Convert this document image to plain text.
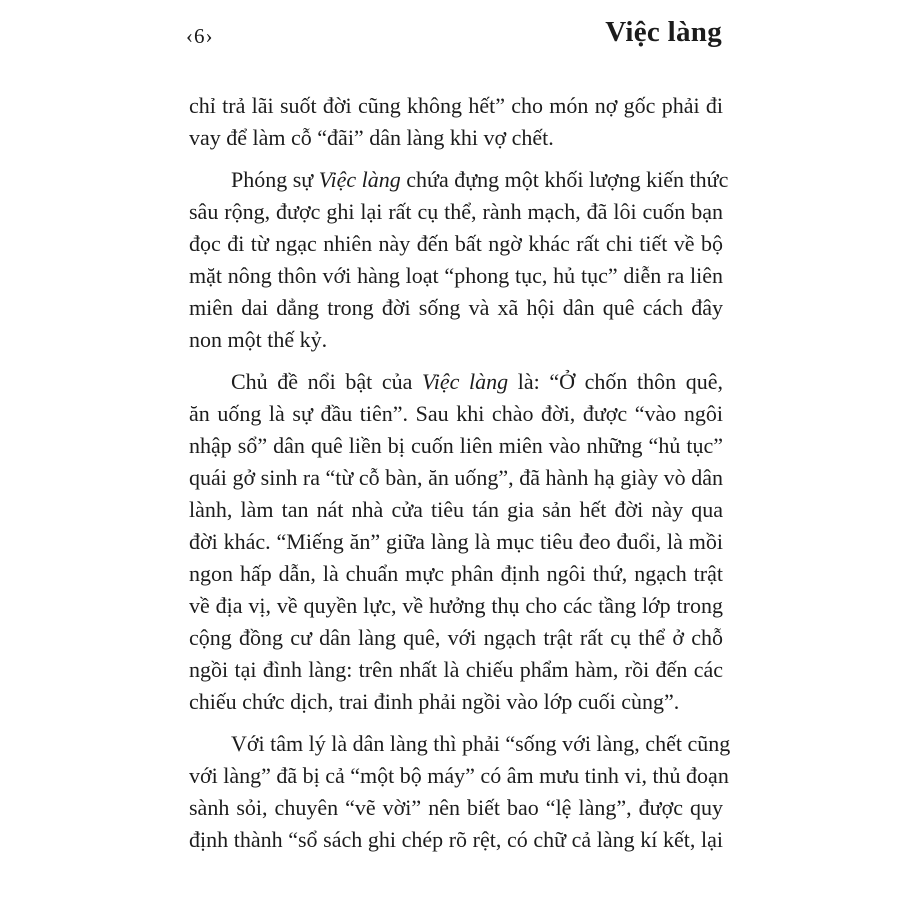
‹6›	Việc làng

chỉ trả lãi suốt đời cũng không hết” cho món nợ gốc phải đi
vay để làm cỗ “đãi” dân làng khi vợ chết.

Phóng sự Việc làng chứa đựng một khối lượng kiến thức
sâu rộng, được ghi lại rất cụ thể, rành mạch, đã lôi cuốn bạn
đọc đi từ ngạc nhiên này đến bất ngờ khác rất chi tiết về bộ
mặt nông thôn với hàng loạt “phong tục, hủ tục” diễn ra liên
miên dai dẳng trong đời sống và xã hội dân quê cách đây
non một thế kỷ.

Chủ đề nổi bật của Việc làng là: “Ở chốn thôn quê,
ăn uống là sự đầu tiên”. Sau khi chào đời, được “vào ngôi
nhập sổ” dân quê liền bị cuốn liên miên vào những “hủ tục”
quái gở sinh ra “từ cỗ bàn, ăn uống”, đã hành hạ giày vò dân
lành, làm tan nát nhà cửa tiêu tán gia sản hết đời này qua
đời khác. “Miếng ăn” giữa làng là mục tiêu đeo đuổi, là mồi
ngon hấp dẫn, là chuẩn mực phân định ngôi thứ, ngạch trật
về địa vị, về quyền lực, về hưởng thụ cho các tầng lớp trong
cộng đồng cư dân làng quê, với ngạch trật rất cụ thể ở chỗ
ngồi tại đình làng: trên nhất là chiếu phẩm hàm, rồi đến các
chiếu chức dịch, trai đinh phải ngồi vào lớp cuối cùng”.

Với tâm lý là dân làng thì phải “sống với làng, chết cũng
với làng” đã bị cả “một bộ máy” có âm mưu tinh vi, thủ đoạn
sành sỏi, chuyên “vẽ vời” nên biết bao “lệ làng”, được quy
định thành “sổ sách ghi chép rõ rệt, có chữ cả làng kí kết, lại
